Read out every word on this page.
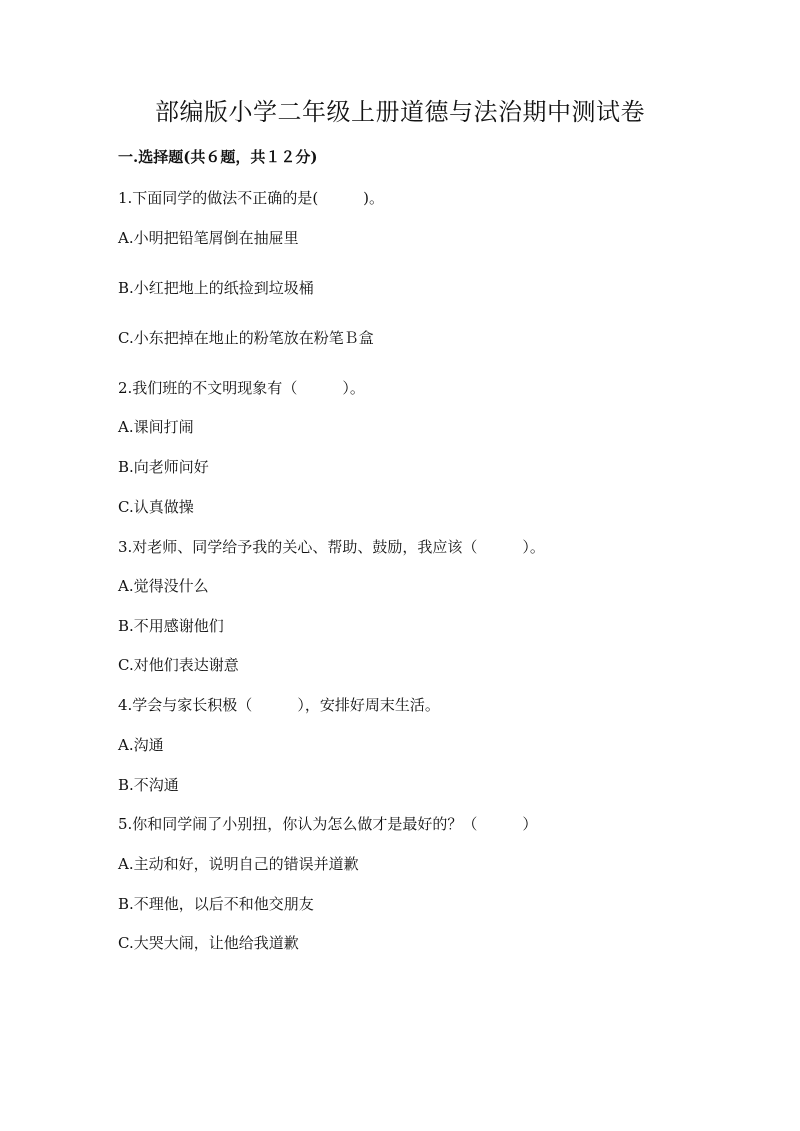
部编版小学二年级上册道德与法治期中测试卷
一.选择题(共６题，共１２分)
1.下面同学的做法不正确的是(　　　)。
A.小明把铅笔屑倒在抽屉里
B.小红把地上的纸捡到垃圾桶
C.小东把掉在地止的粉笔放在粉笔Ｂ盒
2.我们班的不文明现象有（　　　）。
A.课间打闹
B.向老师问好
C.认真做操
3.对老师、同学给予我的关心、帮助、鼓励，我应该（　　　）。
A.觉得没什么
B.不用感谢他们
C.对他们表达谢意
4.学会与家长积极（　　　），安排好周末生活。
A.沟通
B.不沟通
5.你和同学闹了小别扭，你认为怎么做才是最好的？（　　　）
A.主动和好，说明自己的错误并道歉
B.不理他，以后不和他交朋友
C.大哭大闹，让他给我道歉
